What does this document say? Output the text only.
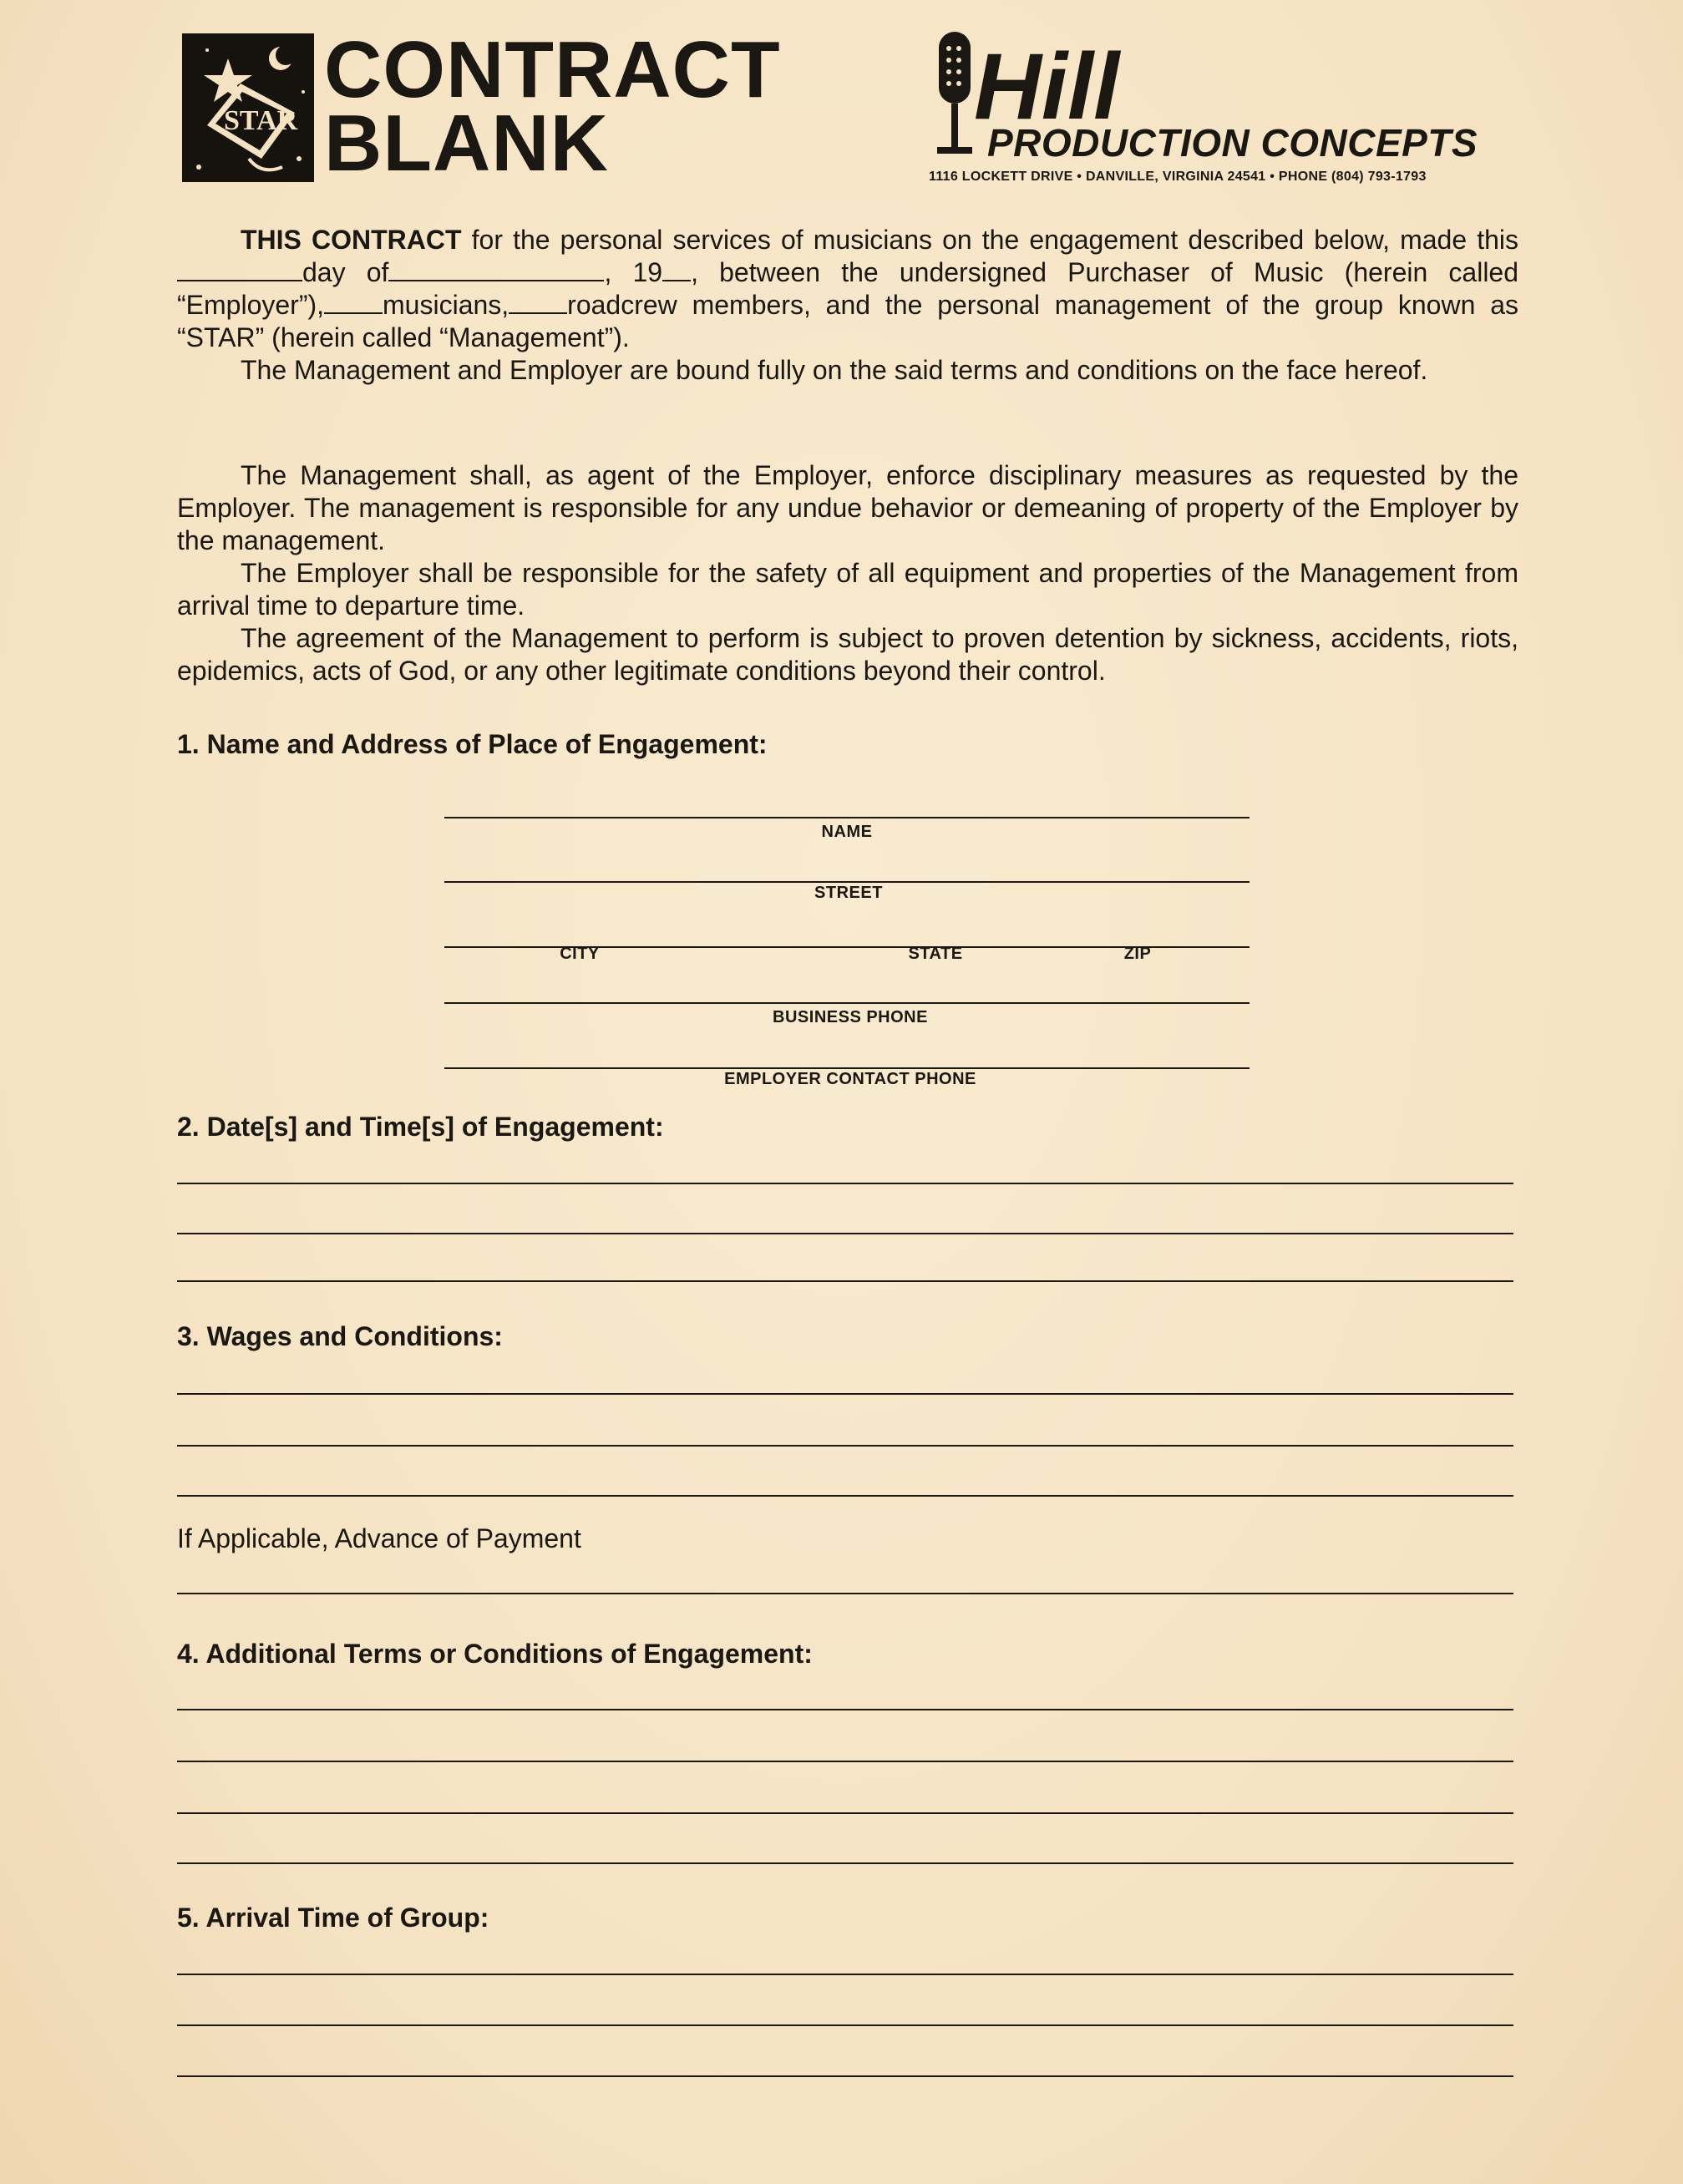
STAR
CONTRACT
BLANK
Hill
PRODUCTION CONCEPTS
1116 LOCKETT DRIVE • DANVILLE, VIRGINIA 24541 • PHONE (804) 793-1793

THIS CONTRACT for the personal services of musicians on the engagement described below, made thisday of	, 19 , between the undersigned Purchaser of Music (herein called “Employer”), musicians, roadcrew members, and the personal management of the group known as “STAR” (herein called “Management”).

The Management and Employer are bound fully on the said terms and conditions on the face hereof.

The Management shall, as agent of the Employer, enforce disciplinary measures as requested by the Employer. The management is responsible for any undue behavior or demeaning of property of the Employer by the management.

The Employer shall be responsible for the safety of all equipment and properties of the Management from arrival time to departure time.

The agreement of the Management to perform is subject to proven detention by sickness, accidents, riots, epidemics, acts of God, or any other legitimate conditions beyond their control.

1. Name and Address of Place of Engagement:
NAME
STREET
CITY	STATE	ZIP
BUSINESS PHONE
EMPLOYER CONTACT PHONE
2. Date[s] and Time[s] of Engagement:
3. Wages and Conditions:
If Applicable, Advance of Payment
4. Additional Terms or Conditions of Engagement:
5. Arrival Time of Group:
